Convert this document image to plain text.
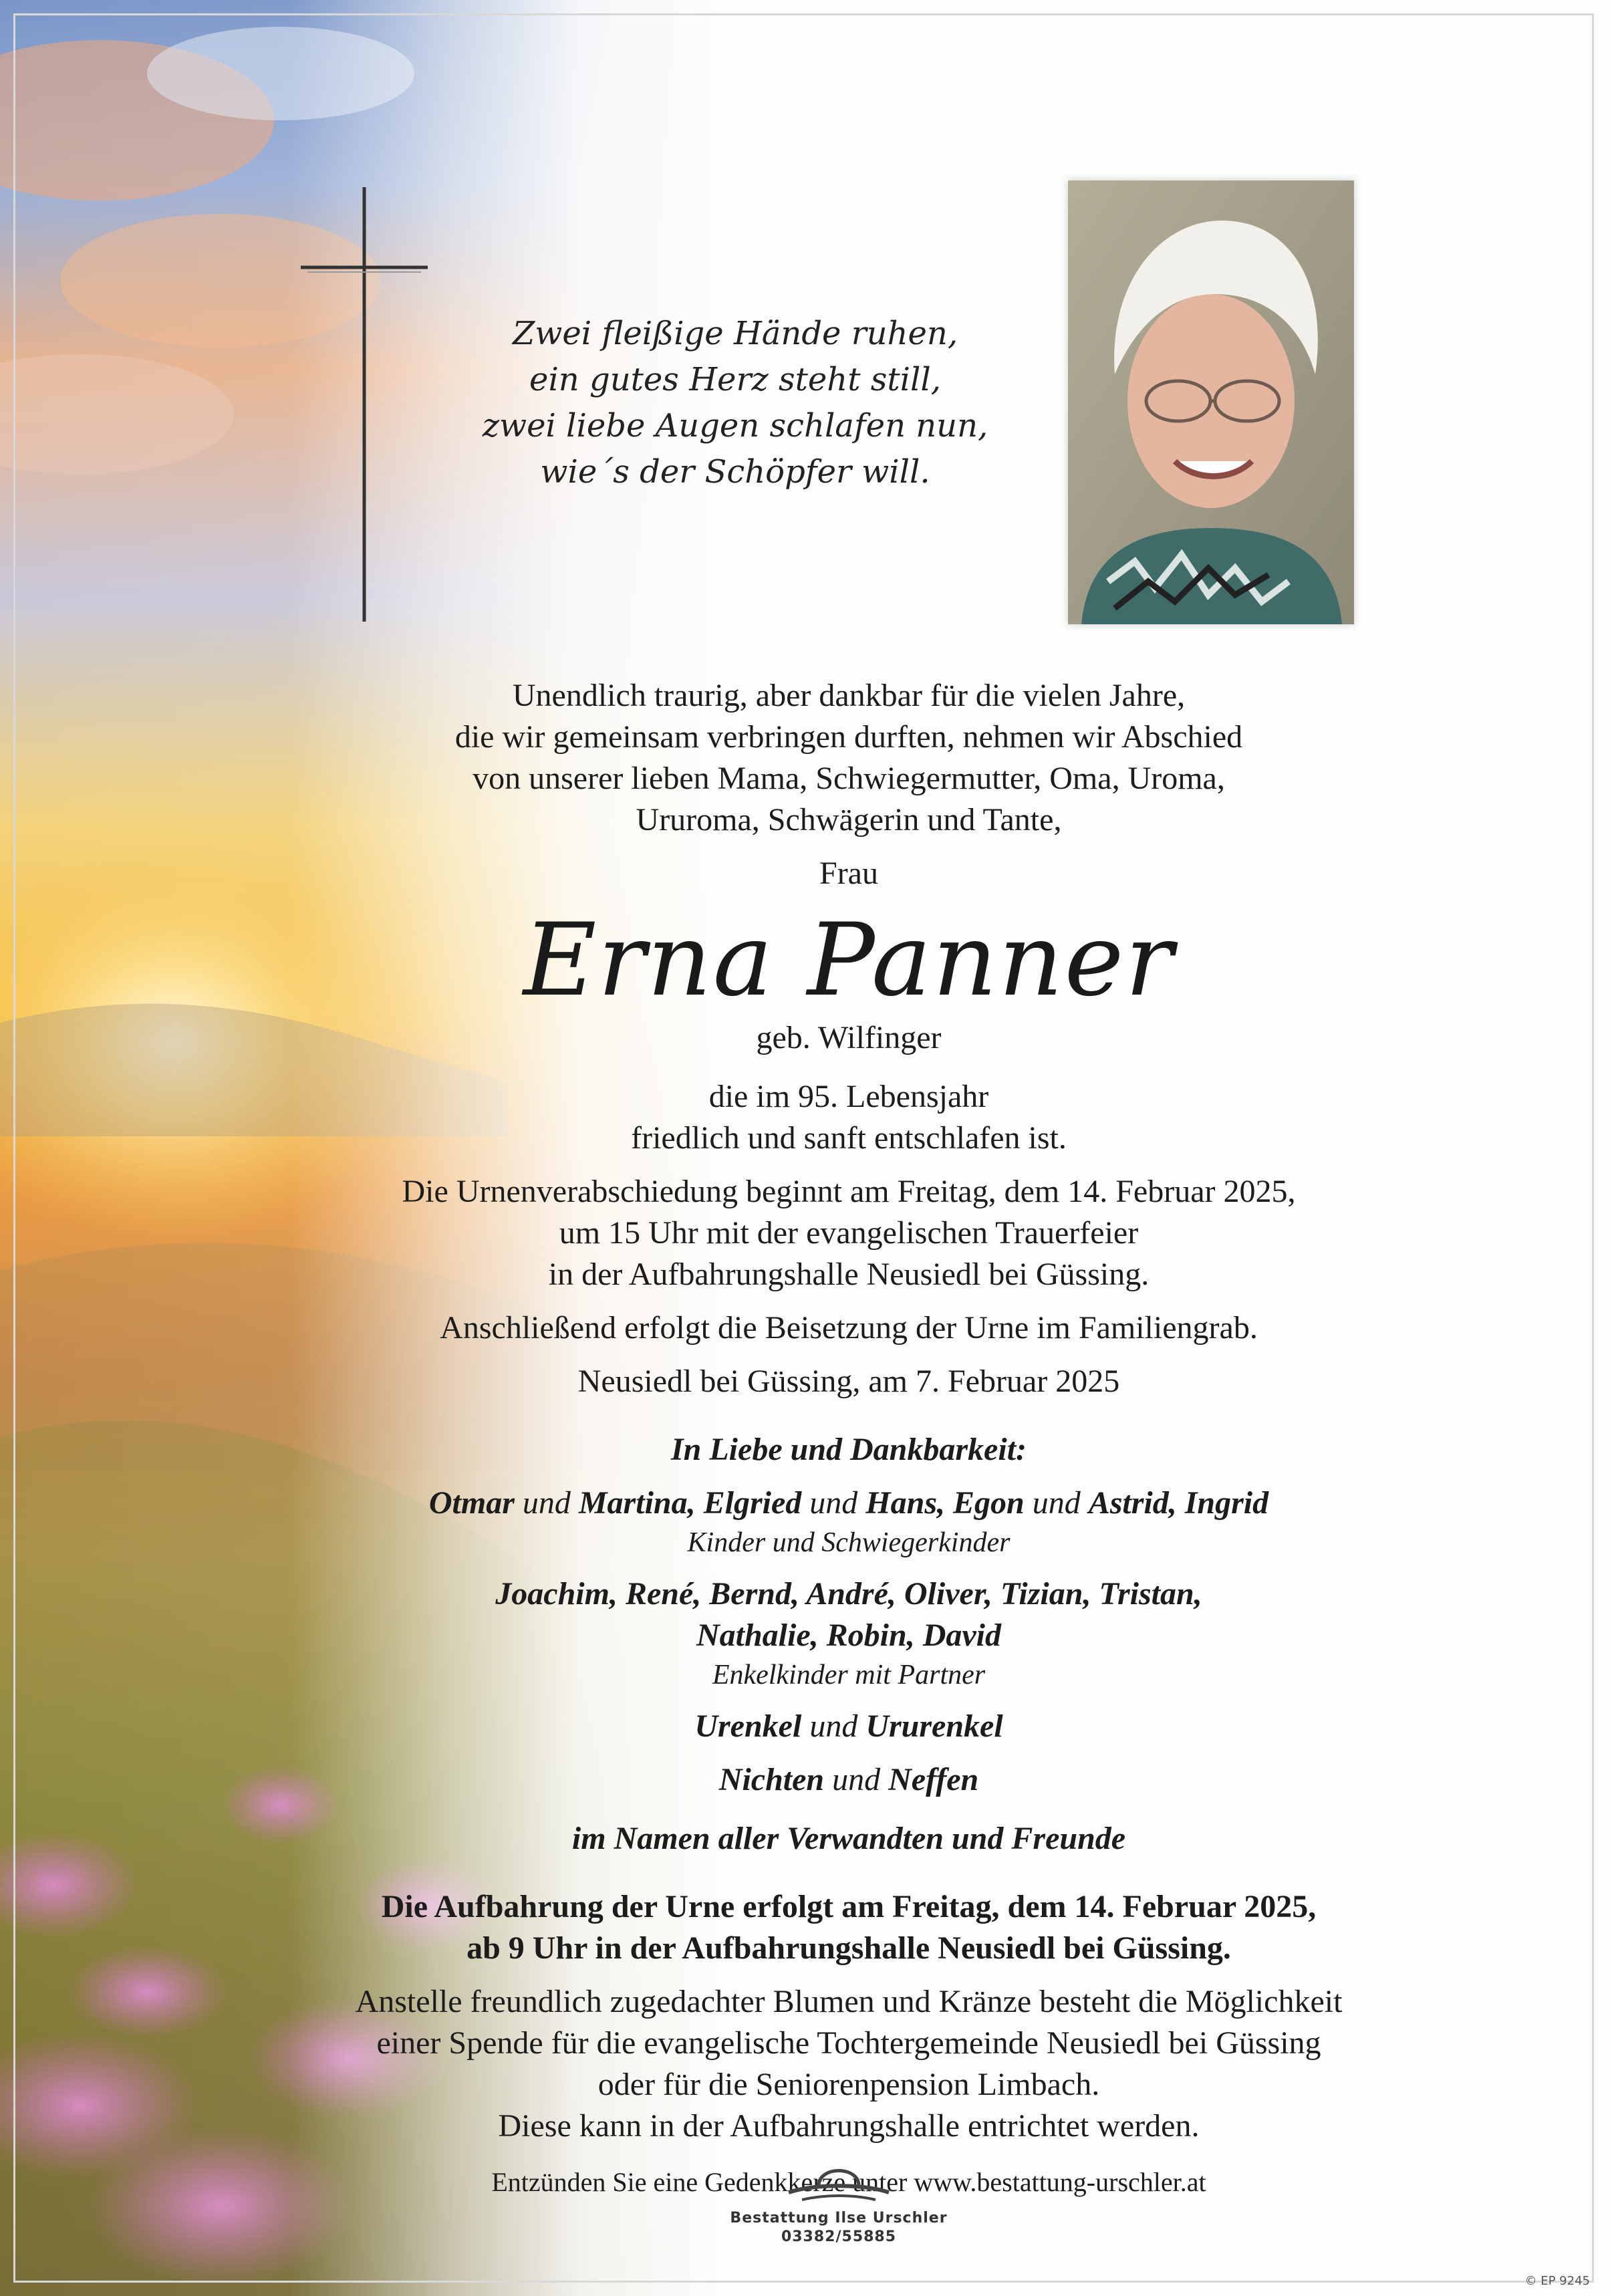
Zwei fleißige Hände ruhen,
ein gutes Herz steht still,
zwei liebe Augen schlafen nun,
wie´s der Schöpfer will.

Unendlich traurig, aber dankbar für die vielen Jahre,

die wir gemeinsam verbringen durften, nehmen wir Abschied

von unserer lieben Mama, Schwiegermutter, Oma, Uroma,

Ururoma, Schwägerin und Tante,

Frau

Erna Panner

geb. Wilfinger

die im 95. Lebensjahr

friedlich und sanft entschlafen ist.

Die Urnenverabschiedung beginnt am Freitag, dem 14. Februar 2025,

um 15 Uhr mit der evangelischen Trauerfeier

in der Aufbahrungshalle Neusiedl bei Güssing.

Anschließend erfolgt die Beisetzung der Urne im Familiengrab.

Neusiedl bei Güssing, am 7. Februar 2025

In Liebe und Dankbarkeit:

Otmar und Martina, Elgried und Hans, Egon und Astrid, Ingrid

Kinder und Schwiegerkinder

Joachim, René, Bernd, André, Oliver, Tizian, Tristan,

Nathalie, Robin, David

Enkelkinder mit Partner

Urenkel und Ururenkel

Nichten und Neffen

im Namen aller Verwandten und Freunde

Die Aufbahrung der Urne erfolgt am Freitag, dem 14. Februar 2025,

ab 9 Uhr in der Aufbahrungshalle Neusiedl bei Güssing.

Anstelle freundlich zugedachter Blumen und Kränze besteht die Möglichkeit

einer Spende für die evangelische Tochtergemeinde Neusiedl bei Güssing

oder für die Seniorenpension Limbach.

Diese kann in der Aufbahrungshalle entrichtet werden.

Entzünden Sie eine Gedenkkerze unter www.bestattung-urschler.at

Bestattung Ilse Urschler
03382/55885
© EP 9245
